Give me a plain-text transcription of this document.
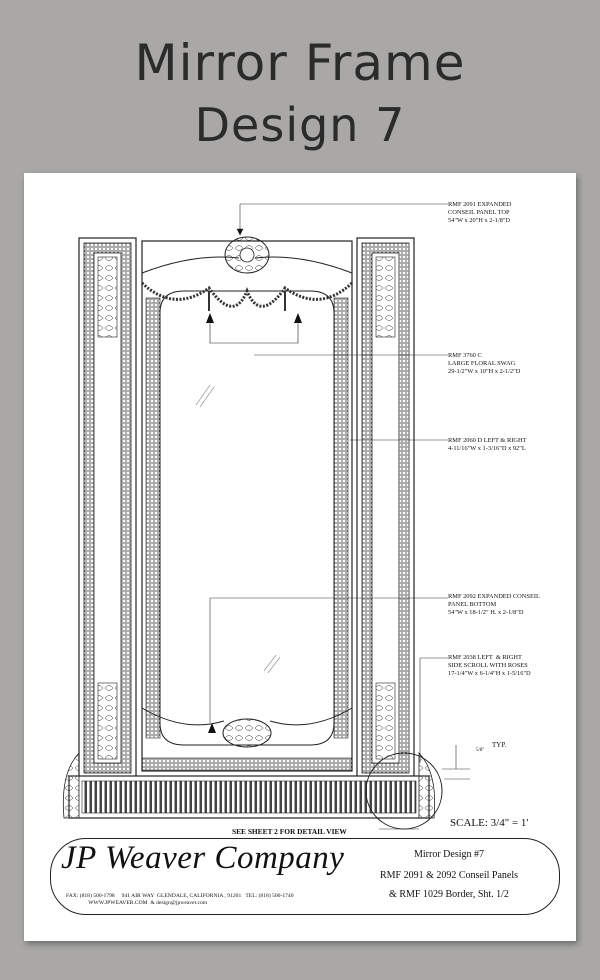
Mirror Frame
Design 7
RMF 2091 EXPANDED
CONSEIL PANEL TOP
54"W x 20"H x 2-1/8"D
RMF 3760 C
LARGE FLORAL SWAG
29-1/2"W x 10"H x 2-1/2"D
RMF 2060 D LEFT & RIGHT
4-11/16"W x 1-3/16"D x 92"L
RMF 2092 EXPANDED CONSEIL
PANEL BOTTOM
54"W x 18-1/2" H. x 2-1/8"D
RMF 2038 LEFT  & RIGHT
SIDE SCROLL WITH ROSES
17-1/4"W x 6-1/4"H x 1-5/16"D
TYP.
5/8"
SCALE: 3/4" = 1'
SEE SHEET 2 FOR DETAIL VIEW
JP Weaver Company
FAX: (818) 500-1798     941 AIR WAY  GLENDALE, CALIFORNIA , 91201   TEL: (818) 500-1740
WWW.JPWEAVER.COM  & design@jpweaver.com
Mirror Design #7
RMF 2091 & 2092 Conseil Panels
& RMF 1029 Border, Sht. 1/2
